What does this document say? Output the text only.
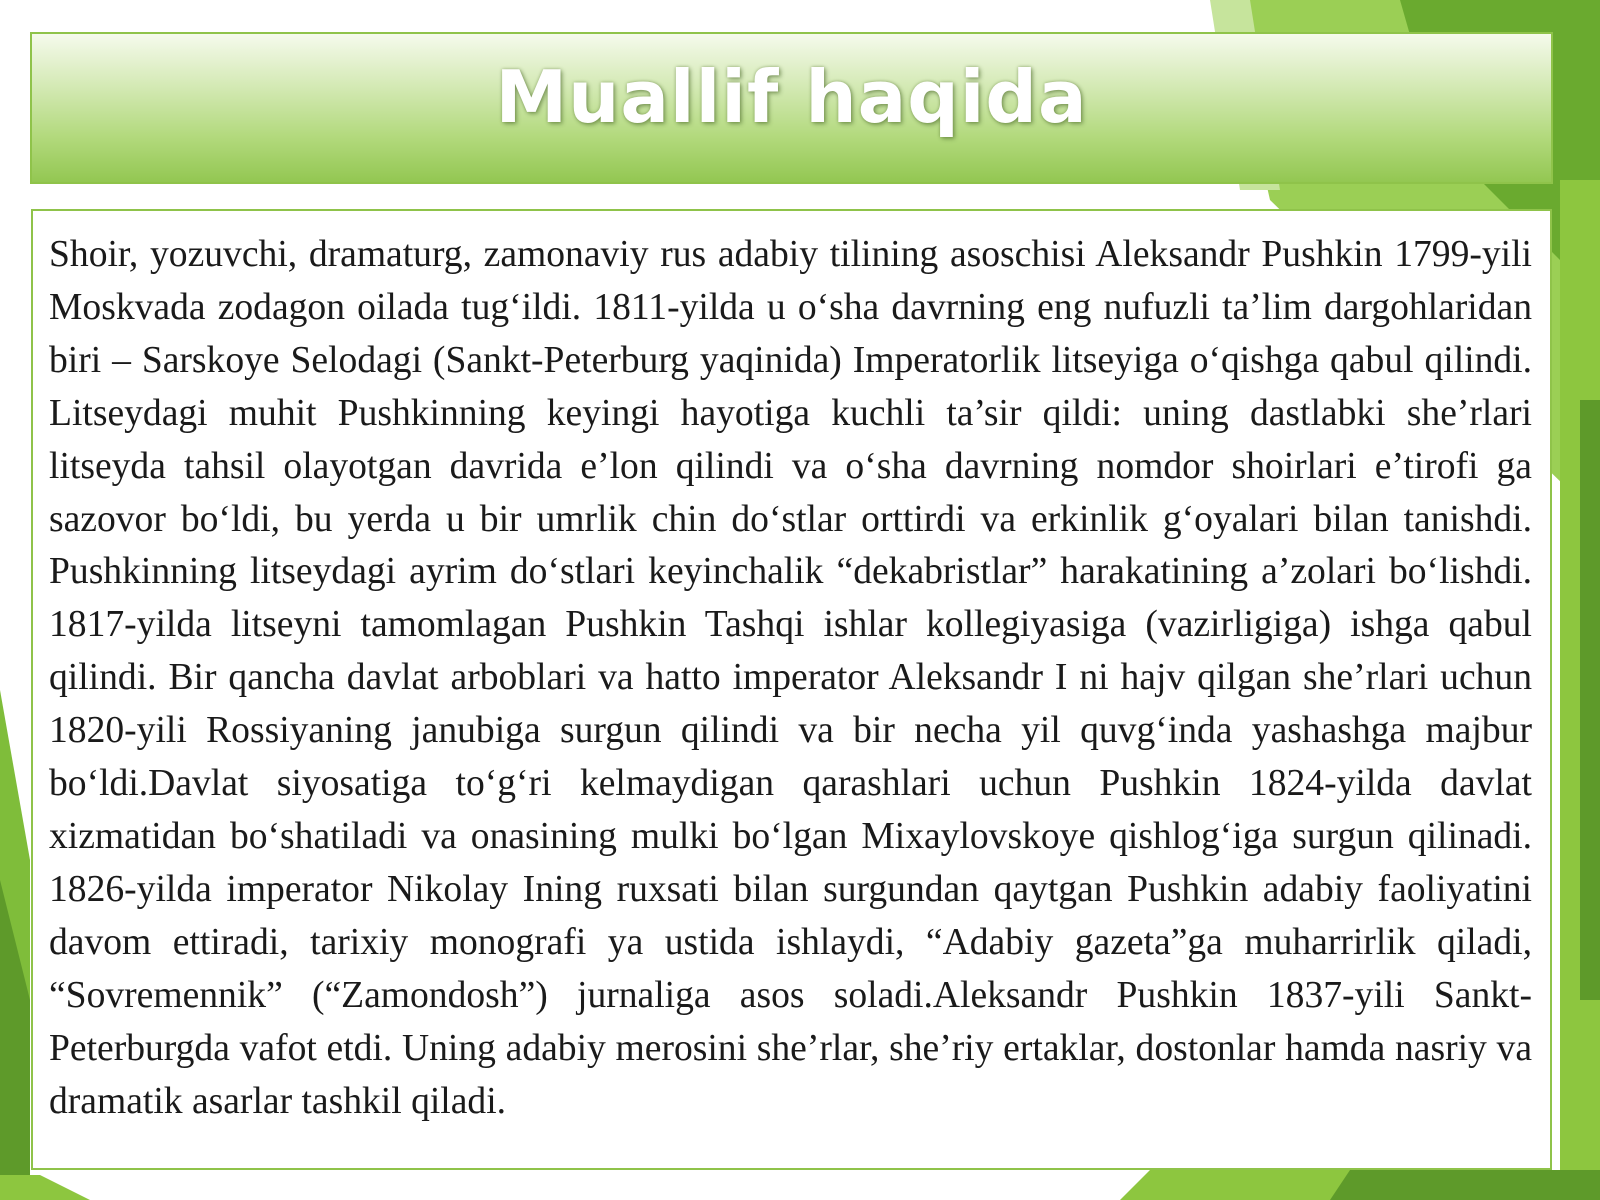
Muallif haqida

Shoir, yozuvchi, dramaturg, zamonaviy rus adabiy tilining asoschisi Aleksandr Pushkin 1799-yili Moskvada zodagon oilada tug‘ildi. 1811-yilda u o‘sha davrning eng nufuzli ta’lim dargohlaridan biri – Sarskoye Selodagi (Sankt-Peterburg yaqinida) Imperatorlik litseyiga o‘qishga qabul qilindi. Litseydagi muhit Pushkinning keyingi hayotiga kuchli ta’sir qildi: uning dastlabki she’rlari litseyda tahsil olayotgan davrida e’lon qilindi va o‘sha davrning nomdor shoirlari e’tirofi ga sazovor bo‘ldi, bu yerda u bir umrlik chin do‘stlar orttirdi va erkinlik g‘oyalari bilan tanishdi. Pushkinning litseydagi ayrim do‘stlari keyinchalik “dekabristlar” harakatining a’zolari bo‘lishdi. 1817-yilda litseyni tamomlagan Pushkin Tashqi ishlar kollegiyasiga (vazirligiga) ishga qabul qilindi. Bir qancha davlat arboblari va hatto imperator Aleksandr I ni hajv qilgan she’rlari uchun 1820-yili Rossiyaning janubiga surgun qilindi va bir necha yil quvg‘inda yashashga majbur bo‘ldi.Davlat siyosatiga to‘g‘ri kelmaydigan qarashlari uchun Pushkin 1824-yilda davlat xizmatidan bo‘shatiladi va onasining mulki bo‘lgan Mixaylovskoye qishlog‘iga surgun qilinadi. 1826-yilda imperator Nikolay Ining ruxsati bilan surgundan qaytgan Pushkin adabiy faoliyatini davom ettiradi, tarixiy monografi ya ustida ishlaydi, “Adabiy gazeta”ga muharrirlik qiladi, “Sovremennik” (“Zamondosh”) jurnaliga asos soladi.Aleksandr Pushkin 1837-yili Sankt-Peterburgda vafot etdi. Uning adabiy merosini she’rlar, she’riy ertaklar, dostonlar hamda nasriy va dramatik asarlar tashkil qiladi.
